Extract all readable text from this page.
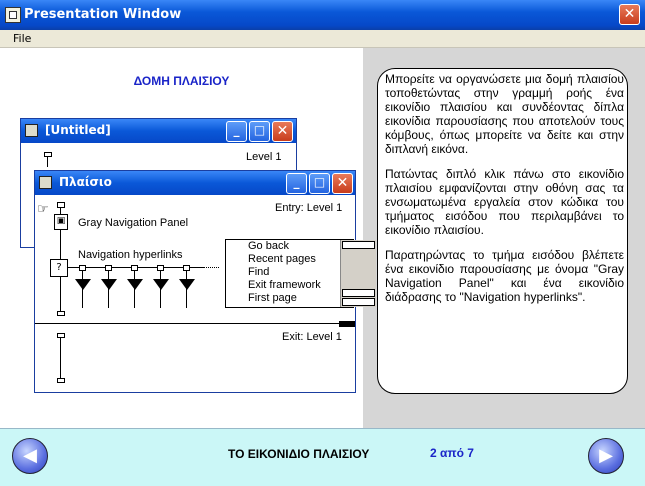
Presentation Window	✕
File
ΔΟΜΗ ΠΛΑΙΣΙΟΥ
[Untitled]	_	□ ✕
Level 1
Πλαίσιο	_	□ ✕
Entry: Level 1
☞
▣ Gray Navigation Panel
Navigation hyperlinks
?
Go back
Recent pages
Find
Exit framework
First page
Exit: Level 1

Μπορείτε να οργανώσετε μια δομή πλαισίου τοποθετώντας στην γραμμή ροής ένα εικονίδιο πλαισίου και συνδέοντας δίπλα εικονίδια παρουσίασης που αποτελούν τους κόμβους, όπως μπορείτε να δείτε και στην διπλανή εικόνα.

Πατώντας διπλό κλικ πάνω στο εικονίδιο πλαισίου εμφανίζονται στην οθόνη σας τα ενσωματωμένα εργαλεία στον κώδικα του τμήματος εισόδου που περιλαμβάνει το εικονίδιο πλαισίου.

Παρατηρώντας το τμήμα εισόδου βλέπετε ένα εικονίδιο παρουσίασης με όνομα "Gray Navigation Panel" και ένα εικονίδιο διάδρασης το "Navigation hyperlinks".

◀	▶
ΤΟ ΕΙΚΟΝΙΔΙΟ ΠΛΑΙΣΙΟΥ	2 από 7
